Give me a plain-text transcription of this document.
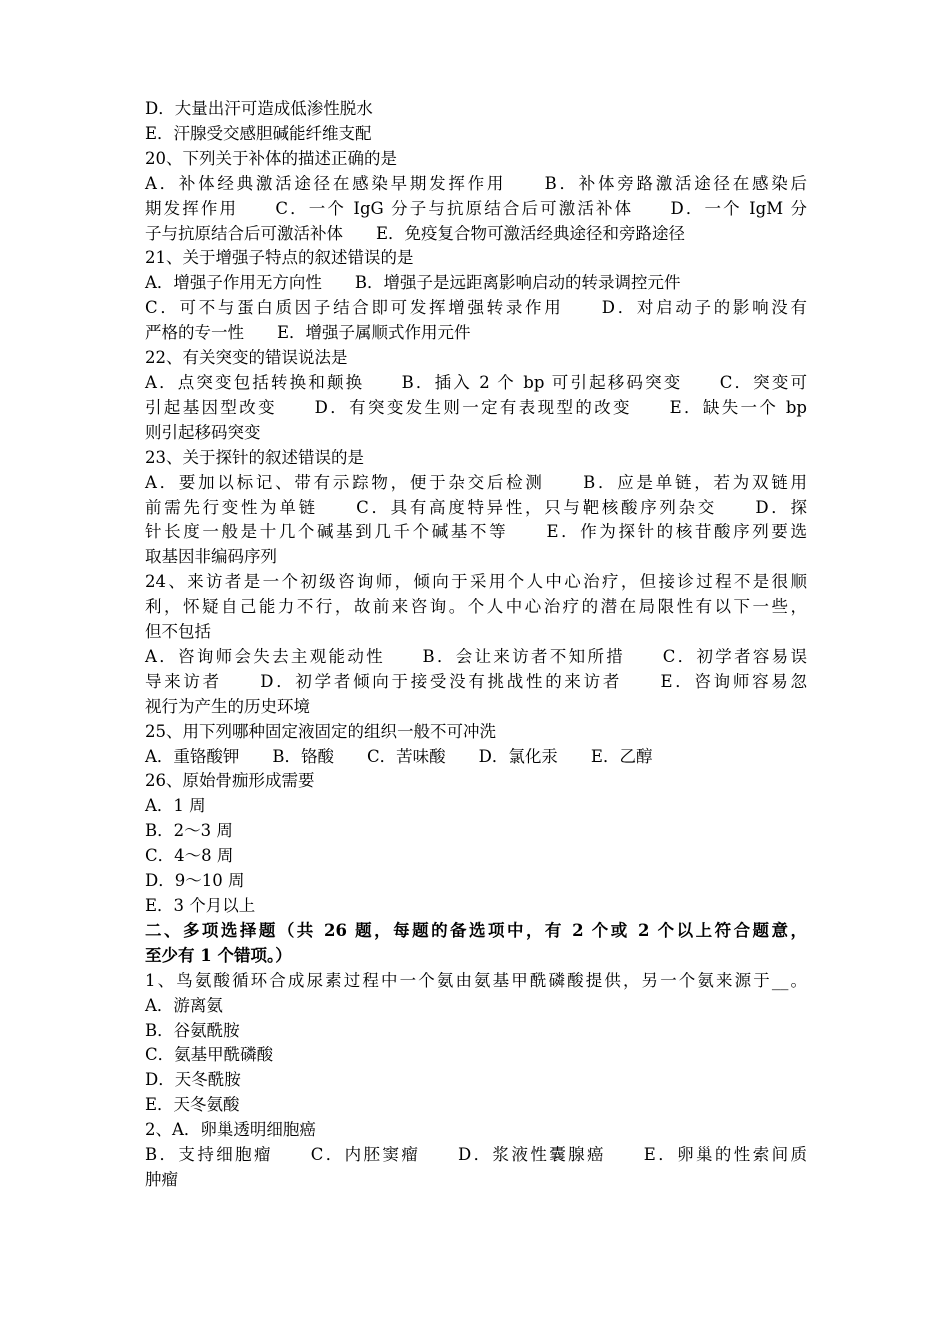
D．大量出汗可造成低渗性脱水
E．汗腺受交感胆碱能纤维支配
20、下列关于补体的描述正确的是
A．补体经典激活途径在感染早期发挥作用　　B．补体旁路激活途径在感染后
期发挥作用　　C．一个 IgG 分子与抗原结合后可激活补体　　D．一个 IgM 分
子与抗原结合后可激活补体　　E．免疫复合物可激活经典途径和旁路途径
21、关于增强子特点的叙述错误的是
A．增强子作用无方向性　　B．增强子是远距离影响启动的转录调控元件
C．可不与蛋白质因子结合即可发挥增强转录作用　　D．对启动子的影响没有
严格的专一性　　E．增强子属顺式作用元件
22、有关突变的错误说法是
A．点突变包括转换和颠换　　B．插入 2 个 bp 可引起移码突变　　C．突变可
引起基因型改变　　D．有突变发生则一定有表现型的改变　　E．缺失一个 bp
则引起移码突变
23、关于探针的叙述错误的是
A．要加以标记、带有示踪物，便于杂交后检测　　B．应是单链，若为双链用
前需先行变性为单链　　C．具有高度特异性，只与靶核酸序列杂交　　D．探
针长度一般是十几个碱基到几千个碱基不等　　E．作为探针的核苷酸序列要选
取基因非编码序列
24、来访者是一个初级咨询师，倾向于采用个人中心治疗，但接诊过程不是很顺
利，怀疑自己能力不行，故前来咨询。个人中心治疗的潜在局限性有以下一些，
但不包括
A．咨询师会失去主观能动性　　B．会让来访者不知所措　　C．初学者容易误
导来访者　　D．初学者倾向于接受没有挑战性的来访者　　E．咨询师容易忽
视行为产生的历史环境
25、用下列哪种固定液固定的组织一般不可冲洗
A．重铬酸钾　　B．铬酸　　C．苦味酸　　D．氯化汞　　E．乙醇
26、原始骨痂形成需要
A．1 周
B．2～3 周
C．4～8 周
D．9～10 周
E．3 个月以上
二、多项选择题（共 26 题，每题的备选项中，有 2 个或 2 个以上符合题意，
至少有 1 个错项。）
1、鸟氨酸循环合成尿素过程中一个氨由氨基甲酰磷酸提供，另一个氨来源于__。
A．游离氨
B．谷氨酰胺
C．氨基甲酰磷酸
D．天冬酰胺
E．天冬氨酸
2、A．卵巢透明细胞癌
B．支持细胞瘤　　C．内胚窦瘤　　D．浆液性囊腺癌　　E．卵巢的性索间质
肿瘤
